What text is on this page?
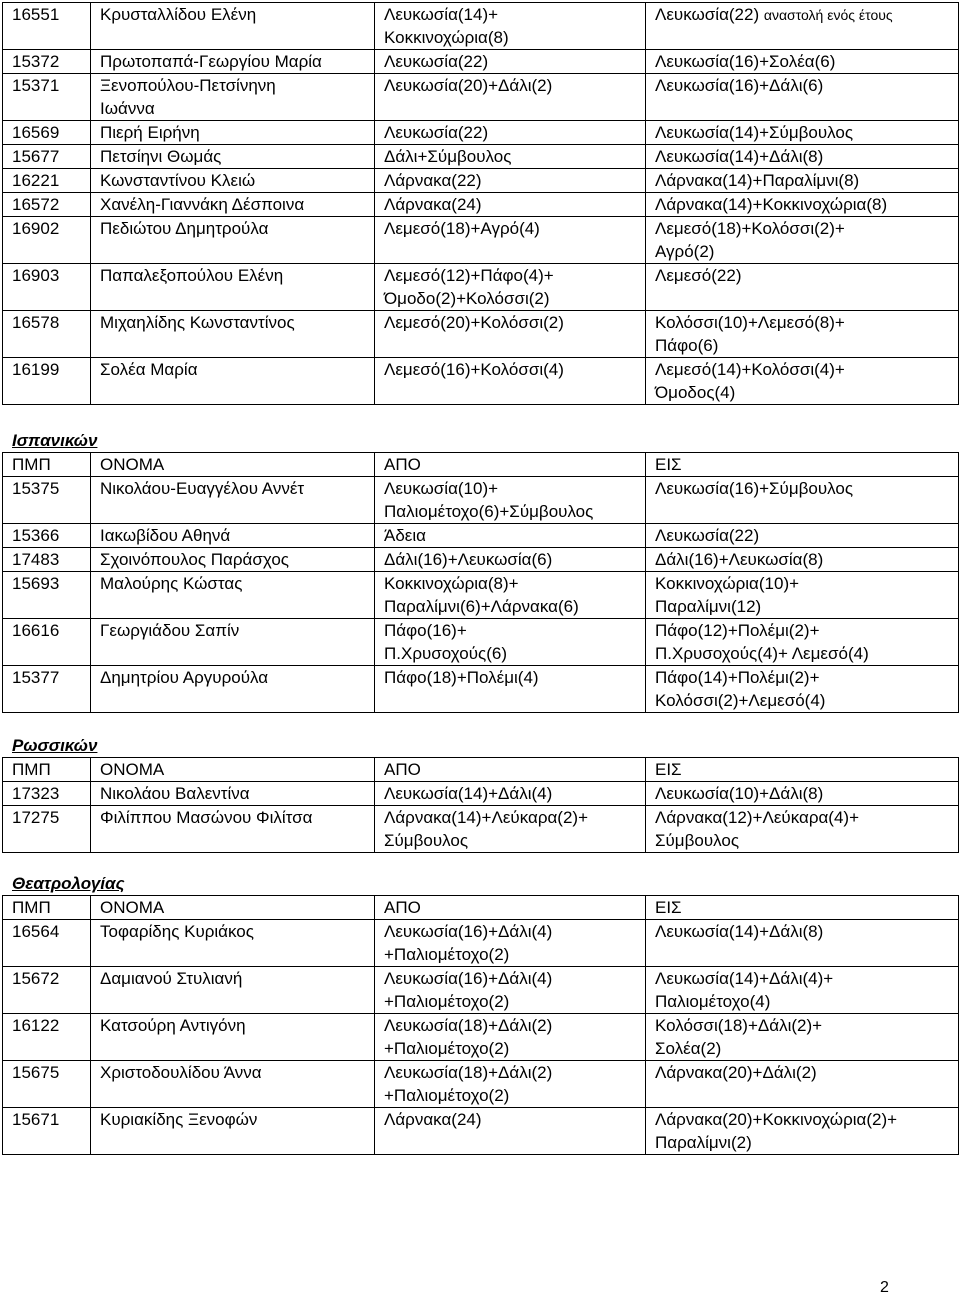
16551	Κρυσταλλίδου Ελένη	Λευκωσία(14)+
Κοκκινοχώρια(8)	Λευκωσία(22) αναστολή ενός έτους

15372	Πρωτοπαπά-Γεωργίου Μαρία	Λευκωσία(22)	Λευκωσία(16)+Σολέα(6)

15371	Ξενοπούλου-Πετσίνηνη
Ιωάννα	Λευκωσία(20)+Δάλι(2)	Λευκωσία(16)+Δάλι(6)

16569	Πιερή Ειρήνη	Λευκωσία(22)	Λευκωσία(14)+Σύμβουλος

15677	Πετσίηνι Θωμάς	Δάλι+Σύμβουλος	Λευκωσία(14)+Δάλι(8)

16221	Κωνσταντίνου Κλειώ	Λάρνακα(22)	Λάρνακα(14)+Παραλίμνι(8)

16572	Χανέλη-Γιαννάκη Δέσποινα	Λάρνακα(24)	Λάρνακα(14)+Κοκκινοχώρια(8)

16902	Πεδιώτου Δημητρούλα	Λεμεσό(18)+Αγρό(4)	Λεμεσό(18)+Κολόσσι(2)+
Αγρό(2)

16903	Παπαλεξοπούλου Ελένη	Λεμεσό(12)+Πάφο(4)+
Όμοδο(2)+Κολόσσι(2)	Λεμεσό(22)

16578	Μιχαηλίδης Κωνσταντίνος	Λεμεσό(20)+Κολόσσι(2)	Κολόσσι(10)+Λεμεσό(8)+
Πάφο(6)

16199	Σολέα Μαρία	Λεμεσό(16)+Κολόσσι(4)	Λεμεσό(14)+Κολόσσι(4)+
Όμοδος(4)
Ισπανικών
ΠΜΠ	ΟΝΟΜΑ	ΑΠΟ	ΕΙΣ

15375	Νικολάου-Ευαγγέλου Αννέτ	Λευκωσία(10)+
Παλιομέτοχο(6)+Σύμβουλος	Λευκωσία(16)+Σύμβουλος

15366	Ιακωβίδου Αθηνά	Άδεια	Λευκωσία(22)

17483	Σχοινόπουλος Παράσχος	Δάλι(16)+Λευκωσία(6)	Δάλι(16)+Λευκωσία(8)

15693	Μαλούρης Κώστας	Κοκκινοχώρια(8)+
Παραλίμνι(6)+Λάρνακα(6)	Κοκκινοχώρια(10)+
Παραλίμνι(12)

16616	Γεωργιάδου Σαπίν	Πάφο(16)+
Π.Χρυσοχούς(6)	Πάφο(12)+Πολέμι(2)+
Π.Χρυσοχούς(4)+ Λεμεσό(4)

15377	Δημητρίου Αργυρούλα	Πάφο(18)+Πολέμι(4)	Πάφο(14)+Πολέμι(2)+
Κολόσσι(2)+Λεμεσό(4)
Ρωσσικών
ΠΜΠ	ΟΝΟΜΑ	ΑΠΟ	ΕΙΣ

17323	Νικολάου Βαλεντίνα	Λευκωσία(14)+Δάλι(4)	Λευκωσία(10)+Δάλι(8)

17275	Φιλίππου Μασώνου Φιλίτσα	Λάρνακα(14)+Λεύκαρα(2)+
Σύμβουλος	Λάρνακα(12)+Λεύκαρα(4)+
Σύμβουλος
Θεατρολογίας
ΠΜΠ	ΟΝΟΜΑ	ΑΠΟ	ΕΙΣ

16564	Τοφαρίδης Κυριάκος	Λευκωσία(16)+Δάλι(4)
+Παλιομέτοχο(2)	Λευκωσία(14)+Δάλι(8)

15672	Δαμιανού Στυλιανή	Λευκωσία(16)+Δάλι(4)
+Παλιομέτοχο(2)	Λευκωσία(14)+Δάλι(4)+
Παλιομέτοχο(4)

16122	Κατσούρη Αντιγόνη	Λευκωσία(18)+Δάλι(2)
+Παλιομέτοχο(2)	Κολόσσι(18)+Δάλι(2)+
Σολέα(2)

15675	Χριστοδουλίδου Άννα	Λευκωσία(18)+Δάλι(2)
+Παλιομέτοχο(2)	Λάρνακα(20)+Δάλι(2)

15671	Κυριακίδης Ξενοφών	Λάρνακα(24)	Λάρνακα(20)+Κοκκινοχώρια(2)+
Παραλίμνι(2)
2
